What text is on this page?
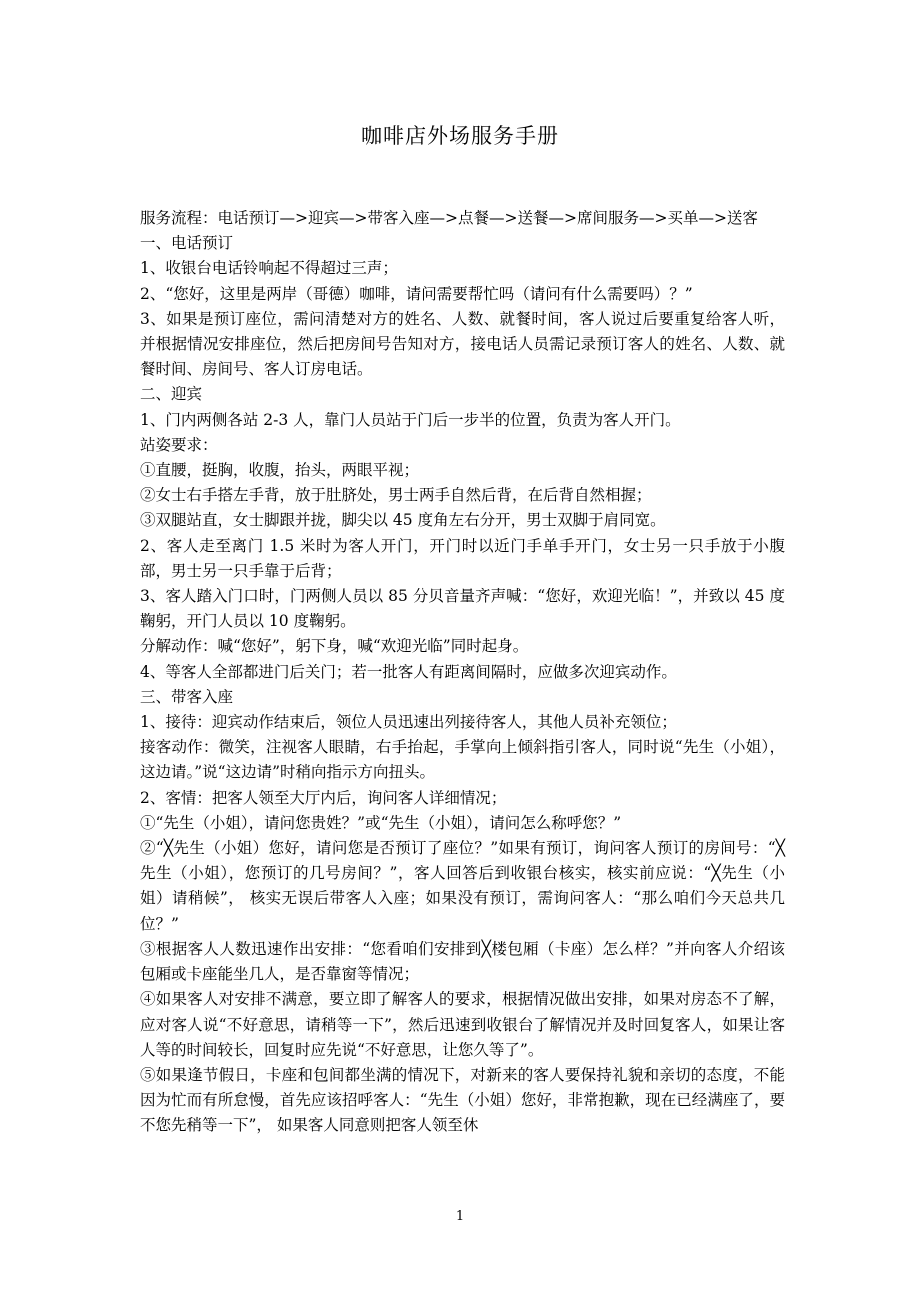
咖啡店外场服务手册
服务流程： 电话预订—>迎宾—>带客入座—>点餐—>送餐—>席间服务—>买单—>送客

一、电话预订

1、收银台电话铃响起不得超过三声；

2、“您好，这里是两岸（哥德）咖啡，请问需要帮忙吗（请问有什么需要吗）？”

3、如果是预订座位，需问清楚对方的姓名、人数、就餐时间，客人说过后要重复给客人听，并根据情况安排座位，然后把房间号告知对方，接电话人员需记录预订客人的姓名、人数、就餐时间、房间号、客人订房电话。

二、迎宾

1、门内两侧各站 2-3 人，靠门人员站于门后一步半的位置，负责为客人开门。

站姿要求：

①直腰，挺胸，收腹，抬头，两眼平视；

②女士右手搭左手背，放于肚脐处，男士两手自然后背，在后背自然相握；

③双腿站直，女士脚跟并拢，脚尖以 45 度角左右分开，男士双脚于肩同宽。

2、客人走至离门 1.5 米时为客人开门，开门时以近门手单手开门，女士另一只手放于小腹部，男士另一只手靠于后背；

3、客人踏入门口时，门两侧人员以 85 分贝音量齐声喊：“您好，欢迎光临！”，并致以 45 度鞠躬，开门人员以 10 度鞠躬。

分解动作：喊“您好”，躬下身，喊“欢迎光临”同时起身。

4、等客人全部都进门后关门；若一批客人有距离间隔时，应做多次迎宾动作。

三、带客入座

1、接待：迎宾动作结束后，领位人员迅速出列接待客人，其他人员补充领位；

接客动作：微笑，注视客人眼睛，右手抬起，手掌向上倾斜指引客人，同时说“先生（小姐），这边请。”说“这边请”时稍向指示方向扭头。

2、客情：把客人领至大厅内后，询问客人详细情况；

①“先生（小姐），请问您贵姓？”或“先生（小姐），请问怎么称呼您？”

②“╳先生（小姐）您好，请问您是否预订了座位？”如果有预订，询问客人预订的房间号：“╳先生（小姐），您预订的几号房间？”，客人回答后到收银台核实，核实前应说：“╳先生（小姐）请稍候”， 核实无误后带客人入座；如果没有预订，需询问客人：“那么咱们今天总共几位？”

③根据客人人数迅速作出安排：“您看咱们安排到╳楼包厢（卡座）怎么样？”并向客人介绍该包厢或卡座能坐几人，是否靠窗等情况；

④如果客人对安排不满意，要立即了解客人的要求，根据情况做出安排，如果对房态不了解，应对客人说“不好意思，请稍等一下”，然后迅速到收银台了解情况并及时回复客人，如果让客人等的时间较长，回复时应先说“不好意思，让您久等了”。

⑤如果逢节假日，卡座和包间都坐满的情况下，对新来的客人要保持礼貌和亲切的态度，不能因为忙而有所怠慢，首先应该招呼客人：“先生（小姐）您好，非常抱歉，现在已经满座了，要不您先稍等一下”， 如果客人同意则把客人领至休

1
